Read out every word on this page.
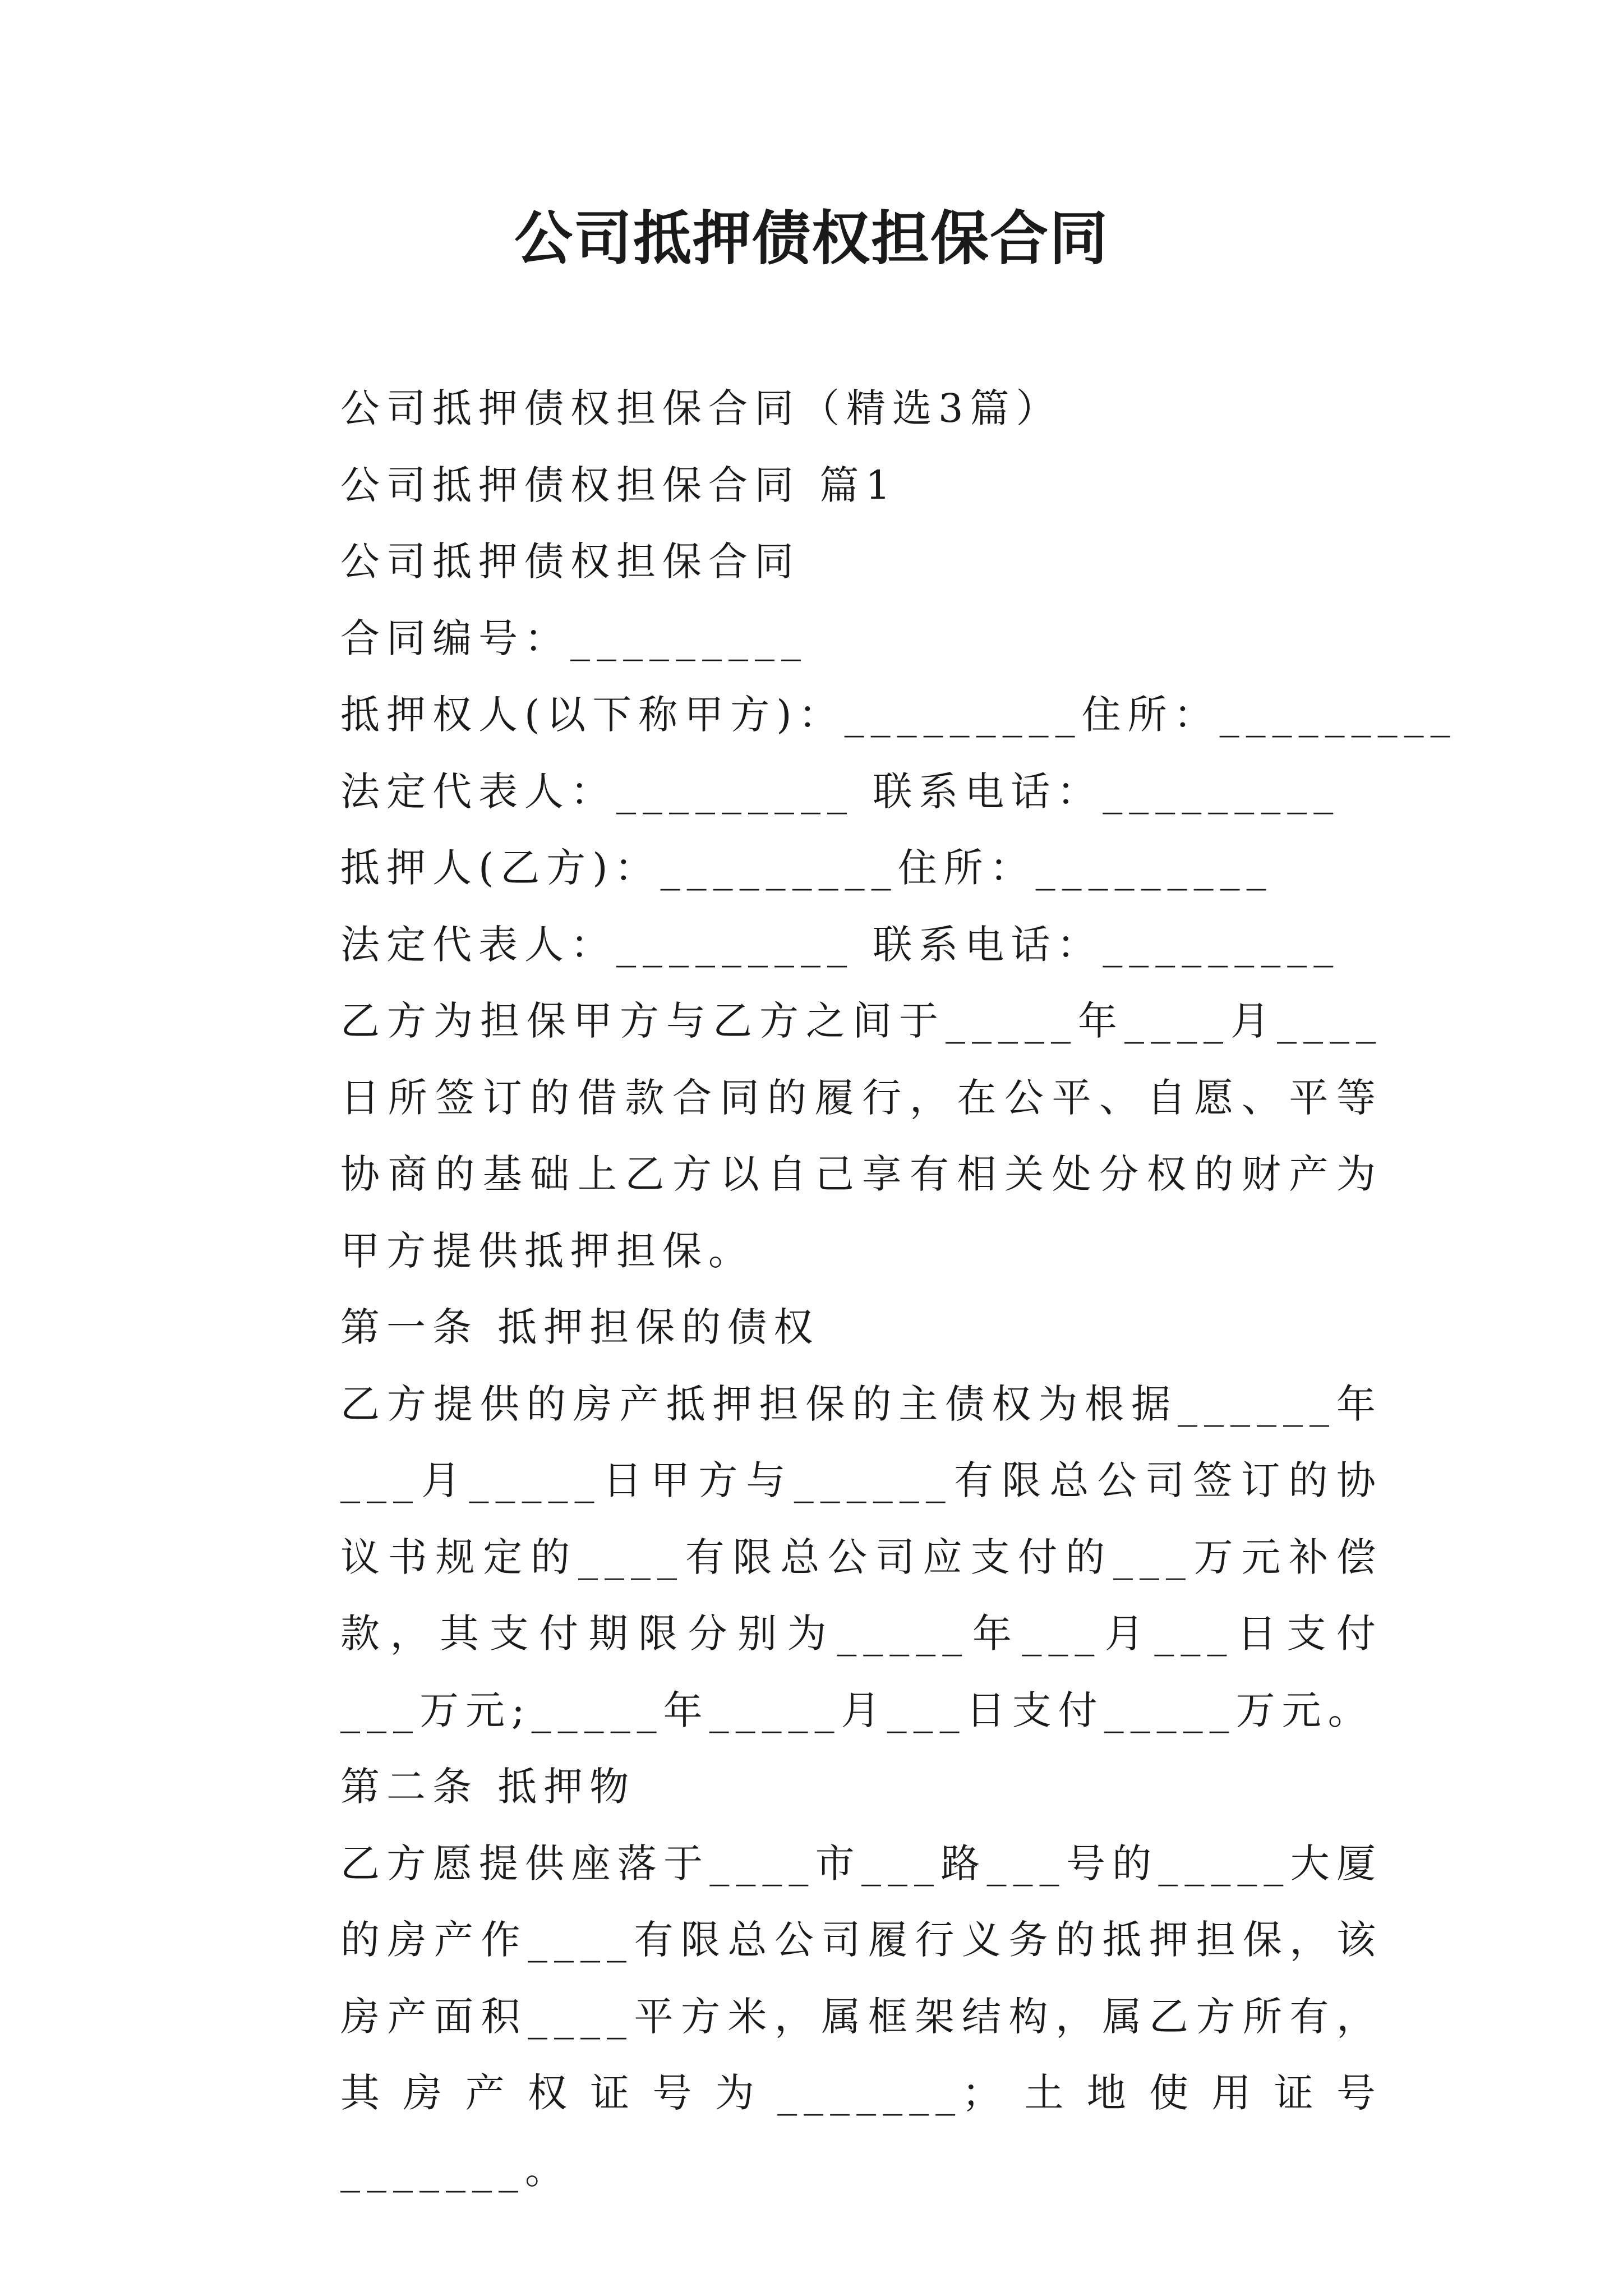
公司抵押债权担保合同

公司抵押债权担保合同（精选3篇）

公司抵押债权担保合同 篇1

公司抵押债权担保合同

合同编号：_________

抵押权人(以下称甲方)：_________住所：_________

法定代表人：_________ 联系电话：_________

抵押人(乙方)：_________住所：_________

法定代表人：_________ 联系电话：_________

乙方为担保甲方与乙方之间于_____年____月____日所签订的借款合同的履行，在公平、自愿、平等协商的基础上乙方以自己享有相关处分权的财产为甲方提供抵押担保。

第一条 抵押担保的债权

乙方提供的房产抵押担保的主债权为根据______年___月_____日甲方与______有限总公司签订的协议书规定的____有限总公司应支付的___万元补偿款，其支付期限分别为_____年___月___日支付___万元;_____年_____月___日支付_____万元。

第二条 抵押物

乙方愿提供座落于____市___路___号的_____大厦的房产作____有限总公司履行义务的抵押担保，该房产面积____平方米，属框架结构，属乙方所有，其房产权证号为_______；土地使用证号_______。
